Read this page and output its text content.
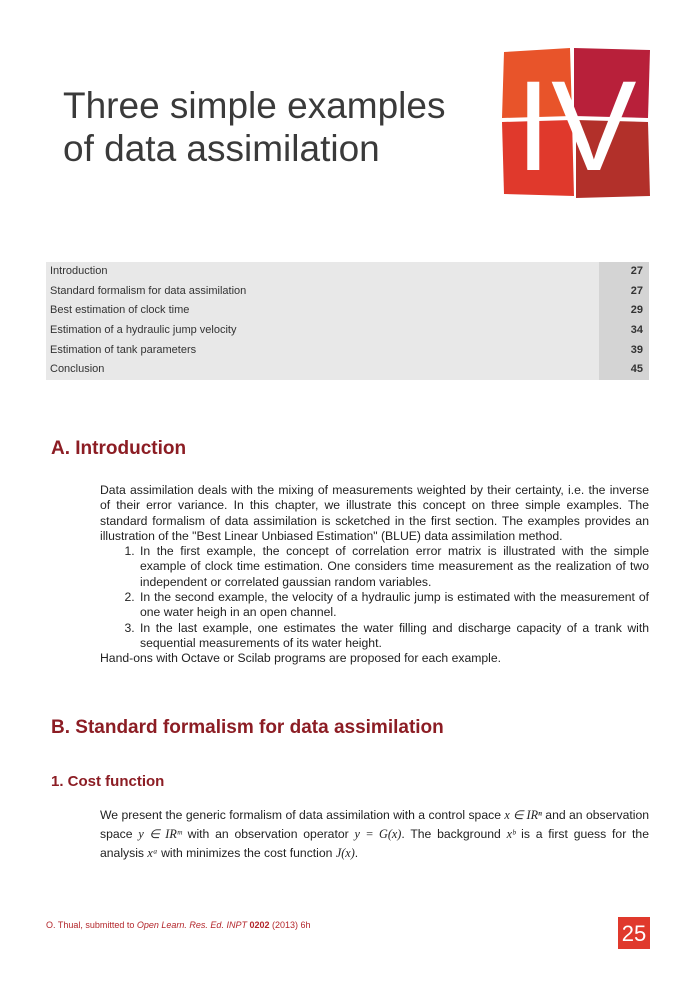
Three simple examples
of data assimilation	IV
Introduction	27
Standard formalism for data assimilation	27
Best estimation of clock time	29
Estimation of a hydraulic jump velocity	34
Estimation of tank parameters	39
Conclusion	45
A. Introduction

Data assimilation deals with the mixing of measurements weighted by their certainty, i.e. the inverse of their error variance. In this chapter, we illustrate this concept on three simple examples. The standard formalism of data assimilation is scketched in the first section. The examples provides an illustration of the "Best Linear Unbiased Estimation" (BLUE) data assimilation method.

1. In the first example, the concept of correlation error matrix is illustrated with the simple example of clock time estimation. One considers time measurement as the realization of two independent or correlated gaussian random variables.
2. In the second example, the velocity of a hydraulic jump is estimated with the measurement of one water heigh in an open channel.
3. In the last example, one estimates the water filling and discharge capacity of a trank with sequential measurements of its water height.

Hand-ons with Octave or Scilab programs are proposed for each example.

B. Standard formalism for data assimilation
1. Cost function
We present the generic formalism of data assimilation with a control space x ∈ IRⁿ and an observation space y ∈ IRᵐ with an observation operator y = G(x). The background xᵇ is a first guess for the analysis xᵃ with minimizes the cost function J(x).
O. Thual, submitted to Open Learn. Res. Ed. INPT 0202 (2013) 6h	25
